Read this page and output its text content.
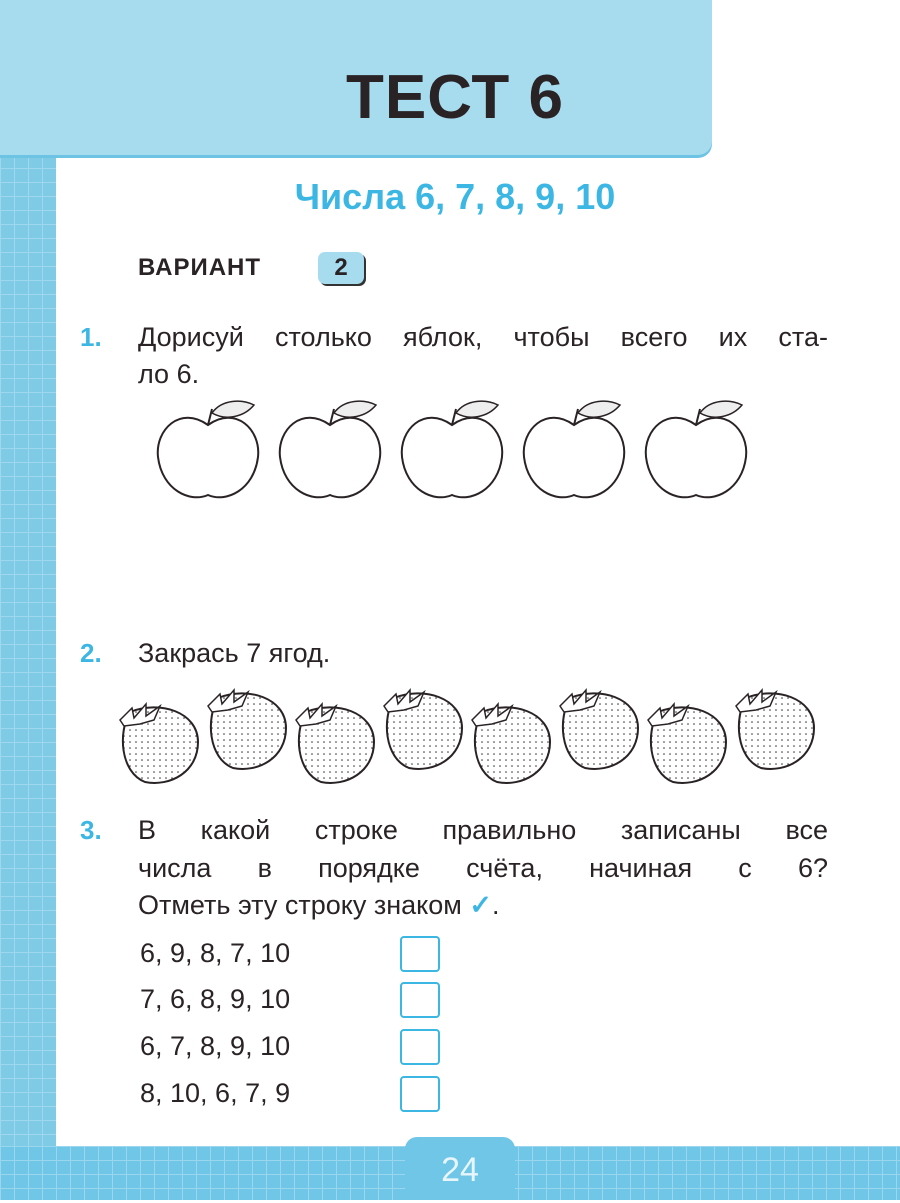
24
ТЕСТ 6
Числа 6, 7, 8, 9, 10
ВАРИАНТ	2
1. Дорисуй столько яблок, чтобы всего их ста-
ло 6.
2. Закрась 7 ягод.
3. В какой строке правильно записаны все
числа в порядке счёта, начиная с 6?
Отметь эту строку знаком ✓.
6, 9, 8, 7, 10
7, 6, 8, 9, 10
6, 7, 8, 9, 10
8, 10, 6, 7, 9
